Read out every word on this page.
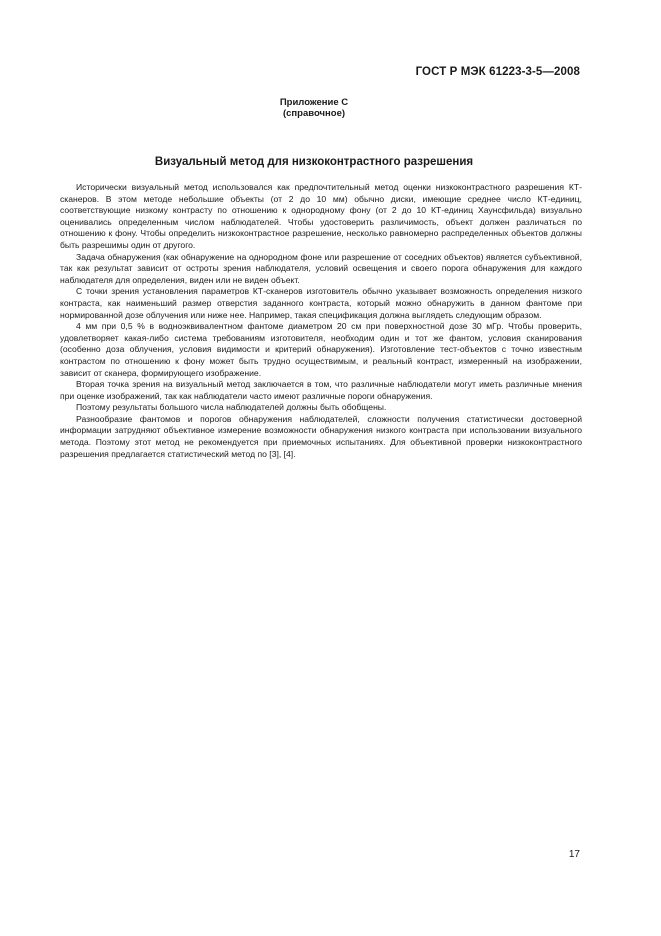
ГОСТ Р МЭК 61223-3-5—2008
Приложение С
(справочное)
Визуальный метод для низкоконтрастного разрешения

Исторически визуальный метод использовался как предпочтительный метод оценки низкоконтрастного разрешения КТ-сканеров. В этом методе небольшие объекты (от 2 до 10 мм) обычно диски, имеющие среднее число КТ-единиц, соответствующие низкому контрасту по отношению к однородному фону (от 2 до 10 КТ-единиц Хаунсфильда) визуально оценивались определенным числом наблюдателей. Чтобы удостоверить различимость, объект должен различаться по отношению к фону. Чтобы определить низкоконтрастное разрешение, несколько равномерно распределенных объектов должны быть разрешимы один от другого.

Задача обнаружения (как обнаружение на однородном фоне или разрешение от соседних объектов) является субъективной, так как результат зависит от остроты зрения наблюдателя, условий освещения и своего порога обнаружения для каждого наблюдателя для определения, виден или не виден объект.

С точки зрения установления параметров КТ-сканеров изготовитель обычно указывает возможность определения низкого контраста, как наименьший размер отверстия заданного контраста, который можно обнаружить в данном фантоме при нормированной дозе облучения или ниже нее. Например, такая спецификация должна выглядеть следующим образом.

4 мм при 0,5 % в водноэквивалентном фантоме диаметром 20 см при поверхностной дозе 30 мГр. Чтобы проверить, удовлетворяет какая-либо система требованиям изготовителя, необходим один и тот же фантом, условия сканирования (особенно доза облучения, условия видимости и критерий обнаружения). Изготовление тест-объектов с точно известным контрастом по отношению к фону может быть трудно осуществимым, и реальный контраст, измеренный на изображении, зависит от сканера, формирующего изображение.

Вторая точка зрения на визуальный метод заключается в том, что различные наблюдатели могут иметь различные мнения при оценке изображений, так как наблюдатели часто имеют различные пороги обнаружения.

Поэтому результаты большого числа наблюдателей должны быть обобщены.

Разнообразие фантомов и порогов обнаружения наблюдателей, сложности получения статистически достоверной информации затрудняют объективное измерение возможности обнаружения низкого контраста при использовании визуального метода. Поэтому этот метод не рекомендуется при приемочных испытаниях. Для объективной проверки низкоконтрастного разрешения предлагается статистический метод по [3], [4].

17
